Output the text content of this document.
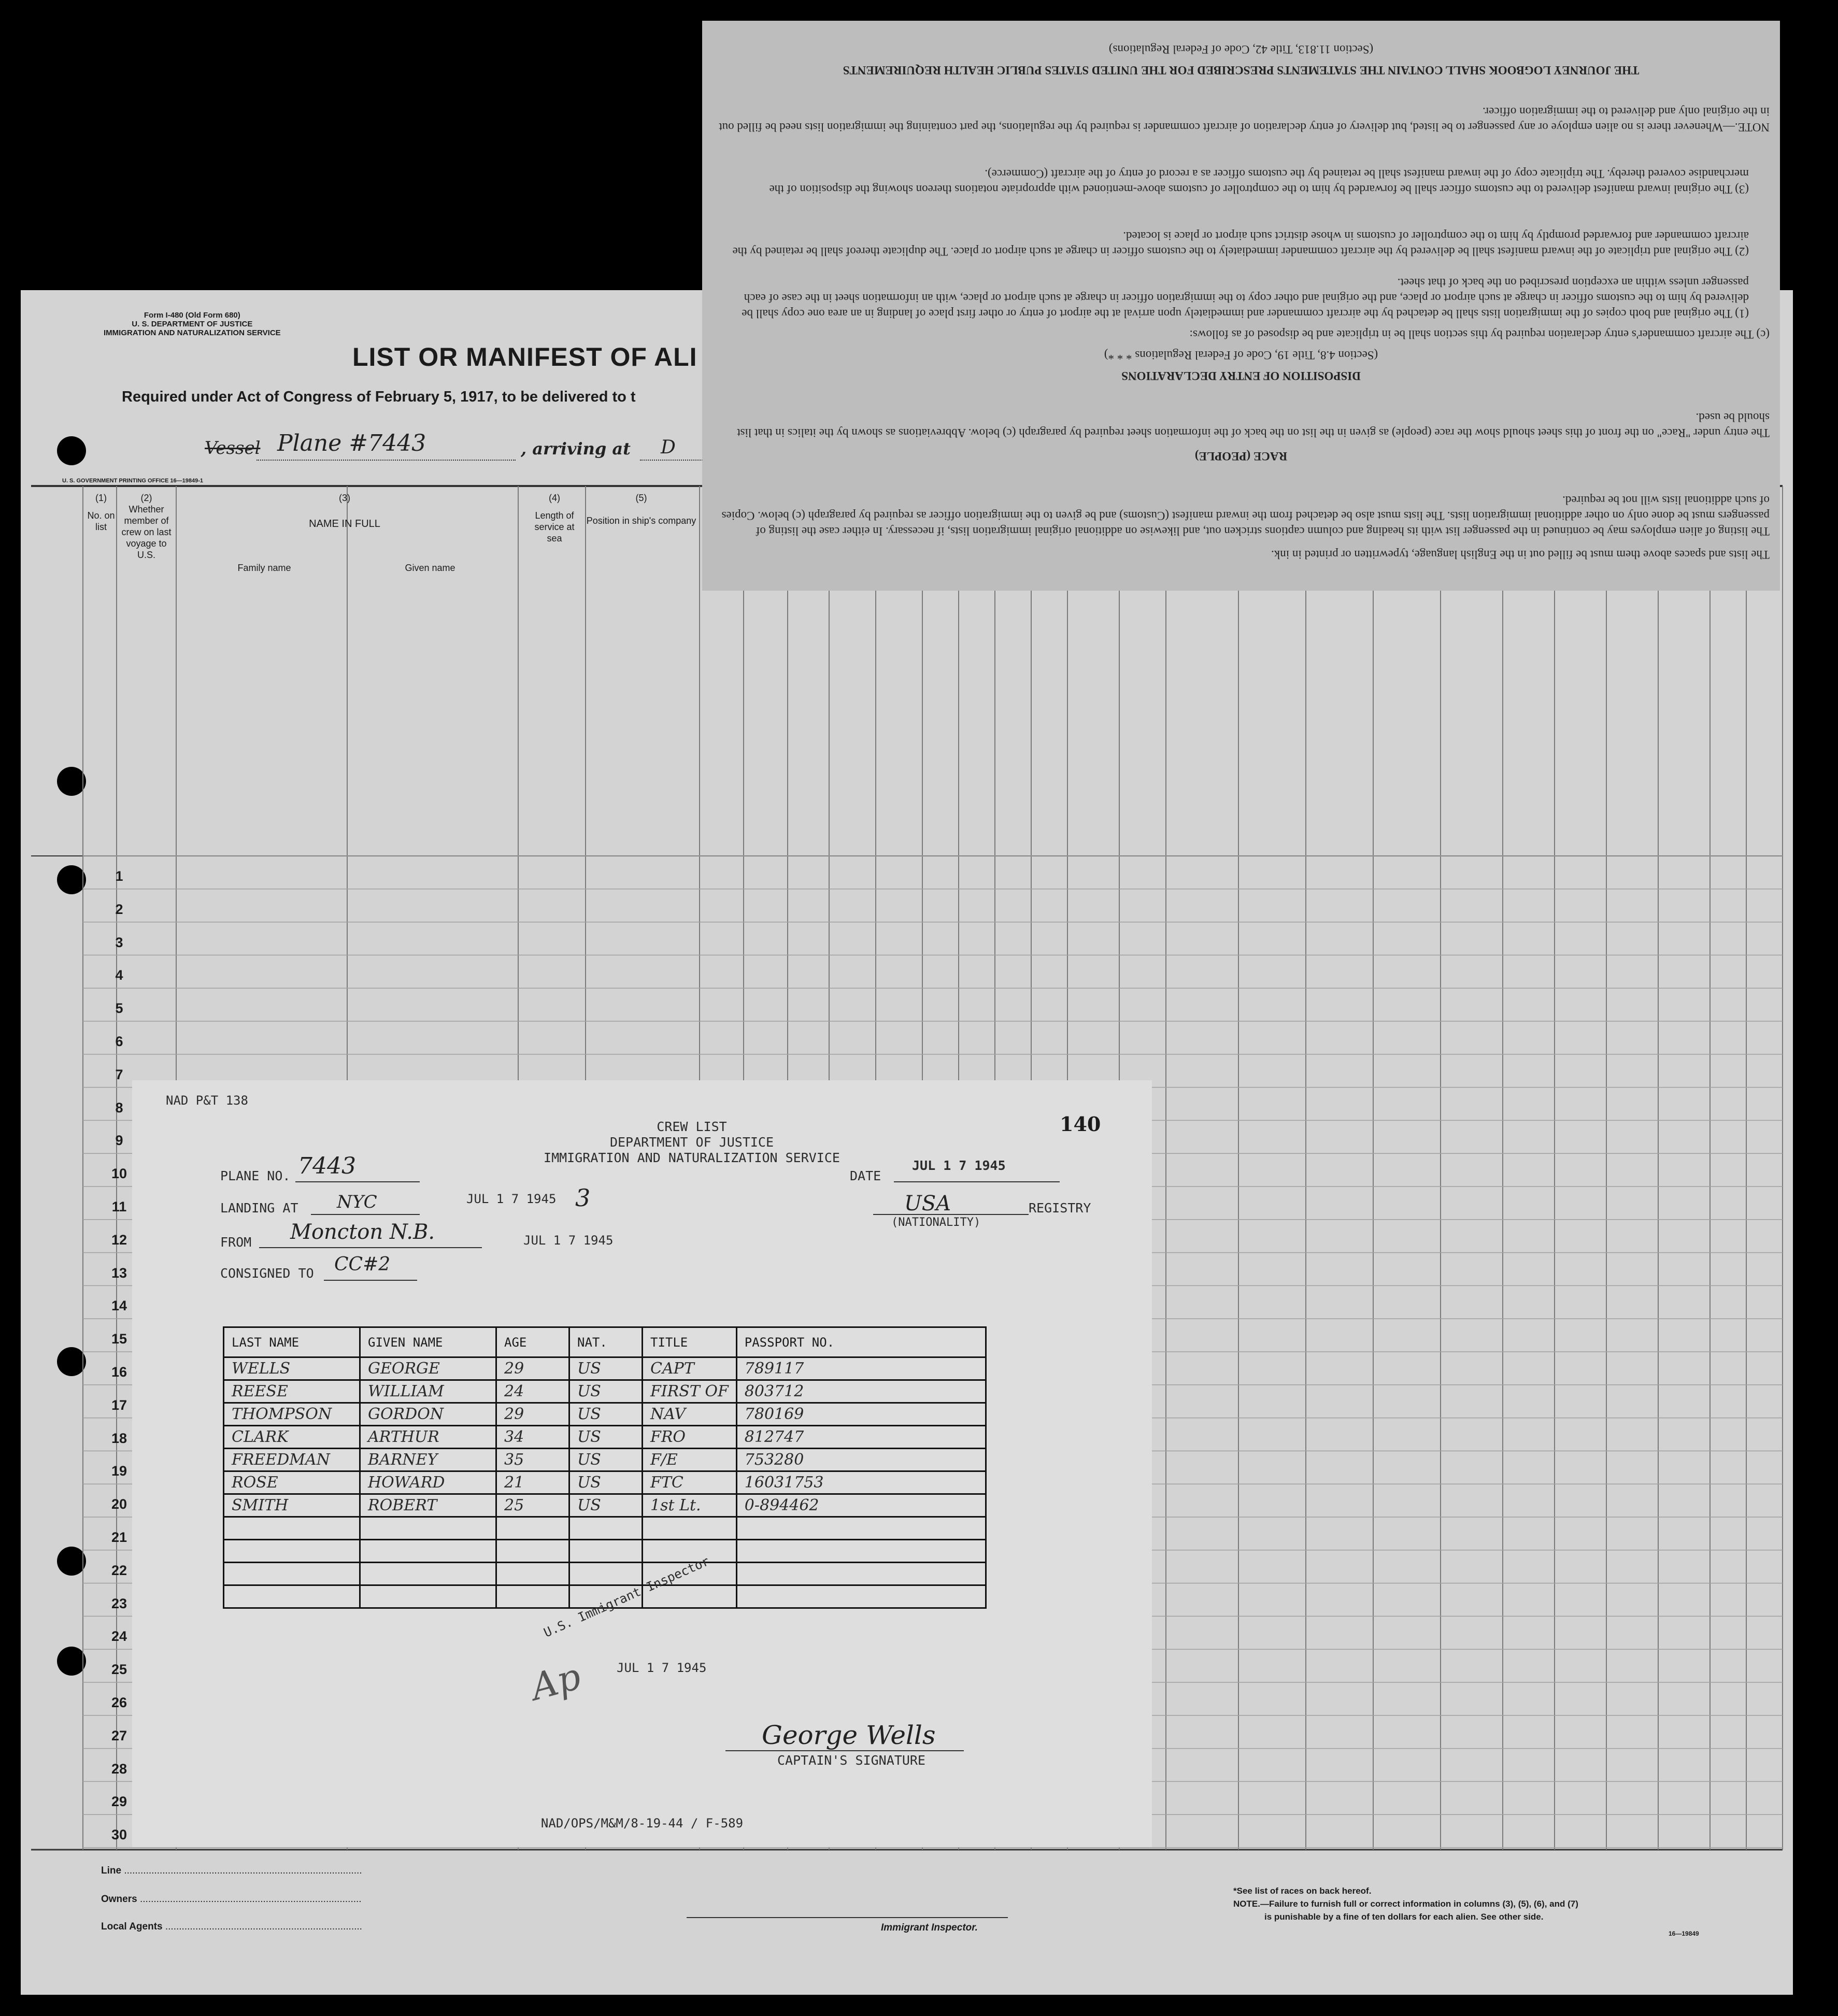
Form I-480 (Old Form 680)
U. S. DEPARTMENT OF JUSTICE
IMMIGRATION AND NATURALIZATION SERVICE
LIST OR MANIFEST OF ALI
Required under Act of Congress of February 5, 1917, to be delivered to t
Vessel Plane #7443	, arriving at D
U. S. GOVERNMENT PRINTING OFFICE 16—19849-1
(1)
No. on list
(2)
Whether member of crew on last voyage to U.S.
(3)
NAME IN FULL
Family name	Given name
(4)
Length of service at sea
(5)
Position in ship's company
1
2
3
4
5
6
7
8
9
10
11
12
13
14
15
16
17
18
19
20
21
22
23
24
25
26
27
28
29
30
Line .......................................................................................
Owners .................................................................................
Local Agents ........................................................................	Immigrant Inspector.
*See list of races on back hereof.
NOTE.—Failure to furnish full or correct information in columns (3), (5), (6), and (7)
is punishable by a fine of ten dollars for each alien. See other side.
16—19849
The lists and spaces above them must be filled out in the English language, typewritten or printed in ink.
The listing of alien employes may be continued in the passenger list with its heading and column captions stricken out, and likewise on additional original immigration lists, if necessary. In either case the listing of passengers must be done only on other additional immigration lists. The lists must also be detached from the inward manifest (Customs) and be given to the immigration officer as required by paragraph (c) below. Copies of such additional lists will not be required.
RACE (PEOPLE)
The entry under "Race" on the front of this sheet should show the race (people) as given in the list on the back of the information sheet required by paragraph (c) below. Abbreviations as shown by the italics in that list should be used.
DISPOSITION OF ENTRY DECLARATIONS
(Section 4.8, Title 19, Code of Federal Regulations * * *)
(c) The aircraft commander's entry declaration required by this section shall be in triplicate and be disposed of as follows:
(1) The original and both copies of the immigration lists shall be detached by the aircraft commander and immediately upon arrival at the airport of entry or other first place of landing in an area one copy shall be delivered by him to the customs officer in charge at such airport or place, and the original and other copy to the immigration officer in charge at such airport or place, with an information sheet in the case of each passenger unless within an exception prescribed on the back of that sheet.
(2) The original and triplicate of the inward manifest shall be delivered by the aircraft commander immediately to the customs officer in charge at such airport or place. The duplicate thereof shall be retained by the aircraft commander and forwarded promptly by him to the comptroller of customs in whose district such airport or place is located.
(3) The original inward manifest delivered to the customs officer shall be forwarded by him to the comptroller of customs above-mentioned with appropriate notations thereon showing the disposition of the merchandise covered thereby. The triplicate copy of the inward manifest shall be retained by the customs officer as a record of entry of the aircraft (Commerce).
NOTE.—Whenever there is no alien employe or any passenger to be listed, but delivery of entry declaration of aircraft commander is required by the regulations, the part containing the immigration lists need be filled out in the original only and delivered to the immigration officer.
THE JOURNEY LOGBOOK SHALL CONTAIN THE STATEMENTS PRESCRIBED FOR THE UNITED STATES PUBLIC HEALTH REQUIREMENTS
(Section 11.813, Title 42, Code of Federal Regulations)
NAD P&T 138
140
CREW LIST
DEPARTMENT OF JUSTICE
IMMIGRATION AND NATURALIZATION SERVICE
PLANE NO. 7443
LANDING AT NYC	JUL 1 7 1945 3
FROM Moncton N.B.	JUL 1 7 1945
CONSIGNED TO CC#2
DATE
JUL 1 7 1945
USA
(NATIONALITY)
REGISTRY
LAST NAME	GIVEN NAME	AGE	NAT.	TITLE	PASSPORT NO.
WELLS	GEORGE	29	US	CAPT	789117
REESE	WILLIAM	24	US	FIRST OF	803712
THOMPSON	GORDON	29	US	NAV	780169
CLARK	ARTHUR	34	US	FRO	812747
FREEDMAN	BARNEY	35	US	F/E	753280
ROSE	HOWARD	21	US	FTC	16031753
SMITH	ROBERT	25	US	1st Lt.	0-894462

U.S. Immigrant Inspector
JUL 1 7 1945
Ap
George Wells
CAPTAIN'S SIGNATURE
NAD/OPS/M&M/8-19-44 / F-589
